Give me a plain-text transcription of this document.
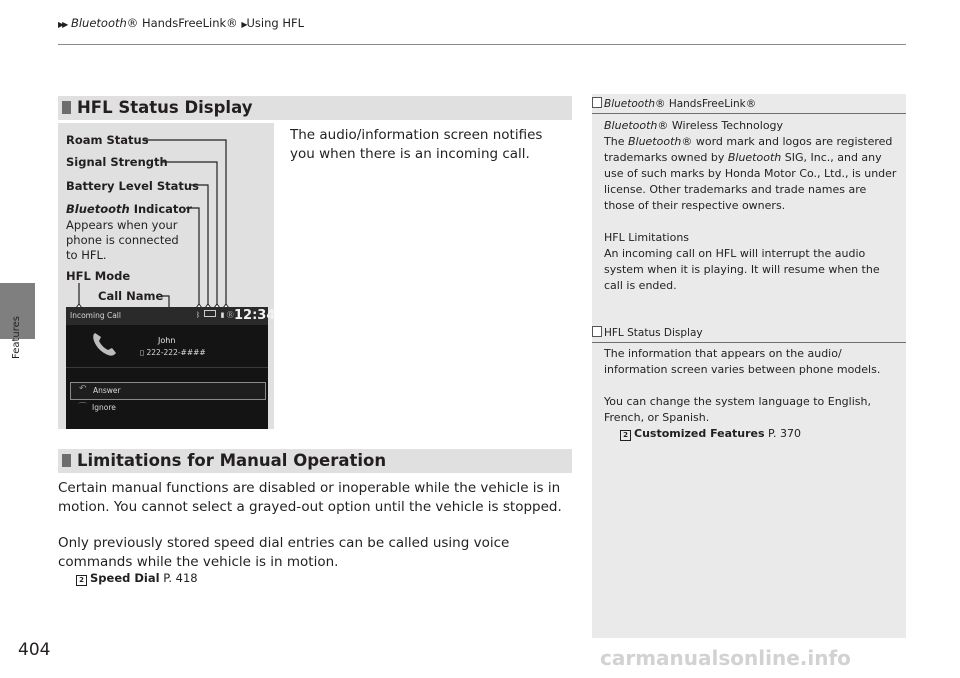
▶▶ Bluetooth® HandsFreeLink® ▶Using HFL
Features
HFL Status Display
Roam Status
Signal Strength
Battery Level Status
Bluetooth Indicator
Appears when your phone is connected to HFL.
HFL Mode
Call Name
Incoming Call	ᛒ	▮ Ⓡ 12:34
John
▯ 222-222-####
↶ Answer
⌒ Ignore
The audio/information screen notifies you when there is an incoming call.
Limitations for Manual Operation
Certain manual functions are disabled or inoperable while the vehicle is in motion. You cannot select a grayed-out option until the vehicle is stopped.
Only previously stored speed dial entries can be called using voice commands while the vehicle is in motion.
2 Speed Dial P. 418
Bluetooth® HandsFreeLink®
Bluetooth® Wireless Technology
The Bluetooth® word mark and logos are registered trademarks owned by Bluetooth SIG, Inc., and any use of such marks by Honda Motor Co., Ltd., is under license. Other trademarks and trade names are those of their respective owners.
HFL Limitations
An incoming call on HFL will interrupt the audio system when it is playing. It will resume when the call is ended.
HFL Status Display
The information that appears on the audio/ information screen varies between phone models.
You can change the system language to English, French, or Spanish.
2 Customized Features P. 370
404	carmanualsonline.info
